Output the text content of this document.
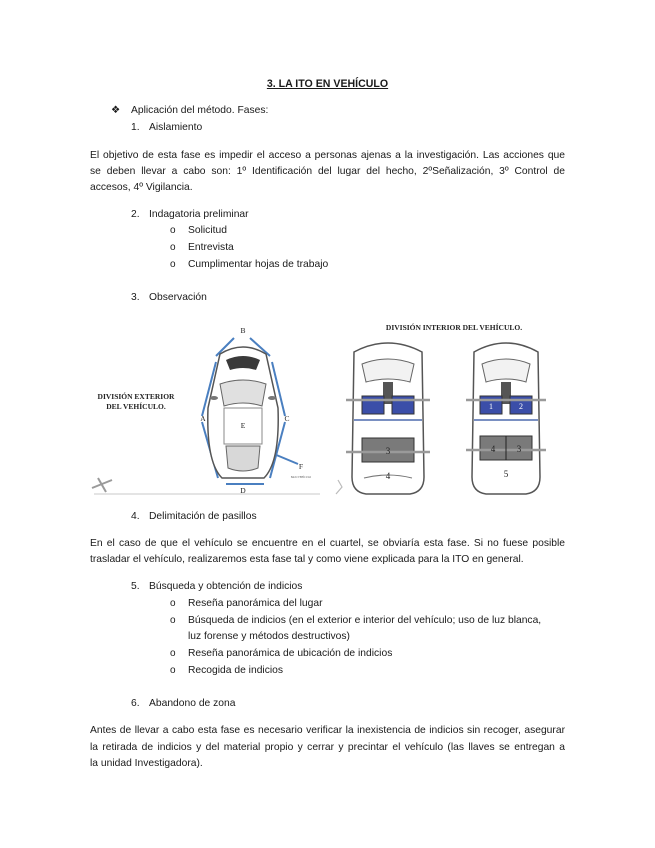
3. LA ITO EN VEHÍCULO
❖ Aplicación del método. Fases:
1. Aislamiento
El objetivo de esta fase es impedir el acceso a personas ajenas a la investigación. Las acciones que
se deben llevar a cabo son: 1º Identificación del lugar del hecho, 2ºSeñalización, 3º Control de
accesos, 4º Vigilancia.
2. Indagatoria preliminar
o Solicitud
o Entrevista
o Cumplimentar hojas de trabajo
3. Observación
DIVISIÓN EXTERIOR
DEL VEHÍCULO.
B
A	C
E
D
F
BAJO VEHÍCULO
DIVISIÓN INTERIOR DEL VEHÍCULO.
3
4
1	2
4 3
5
4. Delimitación de pasillos
En el caso de que el vehículo se encuentre en el cuartel, se obviaría esta fase. Si no fuese posible
trasladar el vehículo, realizaremos esta fase tal y como viene explicada para la ITO en general.
5. Búsqueda y obtención de indicios
o Reseña panorámica del lugar
o Búsqueda de indicios (en el exterior e interior del vehículo; uso de luz blanca,
luz forense y métodos destructivos)
o Reseña panorámica de ubicación de indicios
o Recogida de indicios
6. Abandono de zona
Antes de llevar a cabo esta fase es necesario verificar la inexistencia de indicios sin recoger, asegurar
la retirada de indicios y del material propio y cerrar y precintar el vehículo (las llaves se entregan a
la unidad Investigadora).
